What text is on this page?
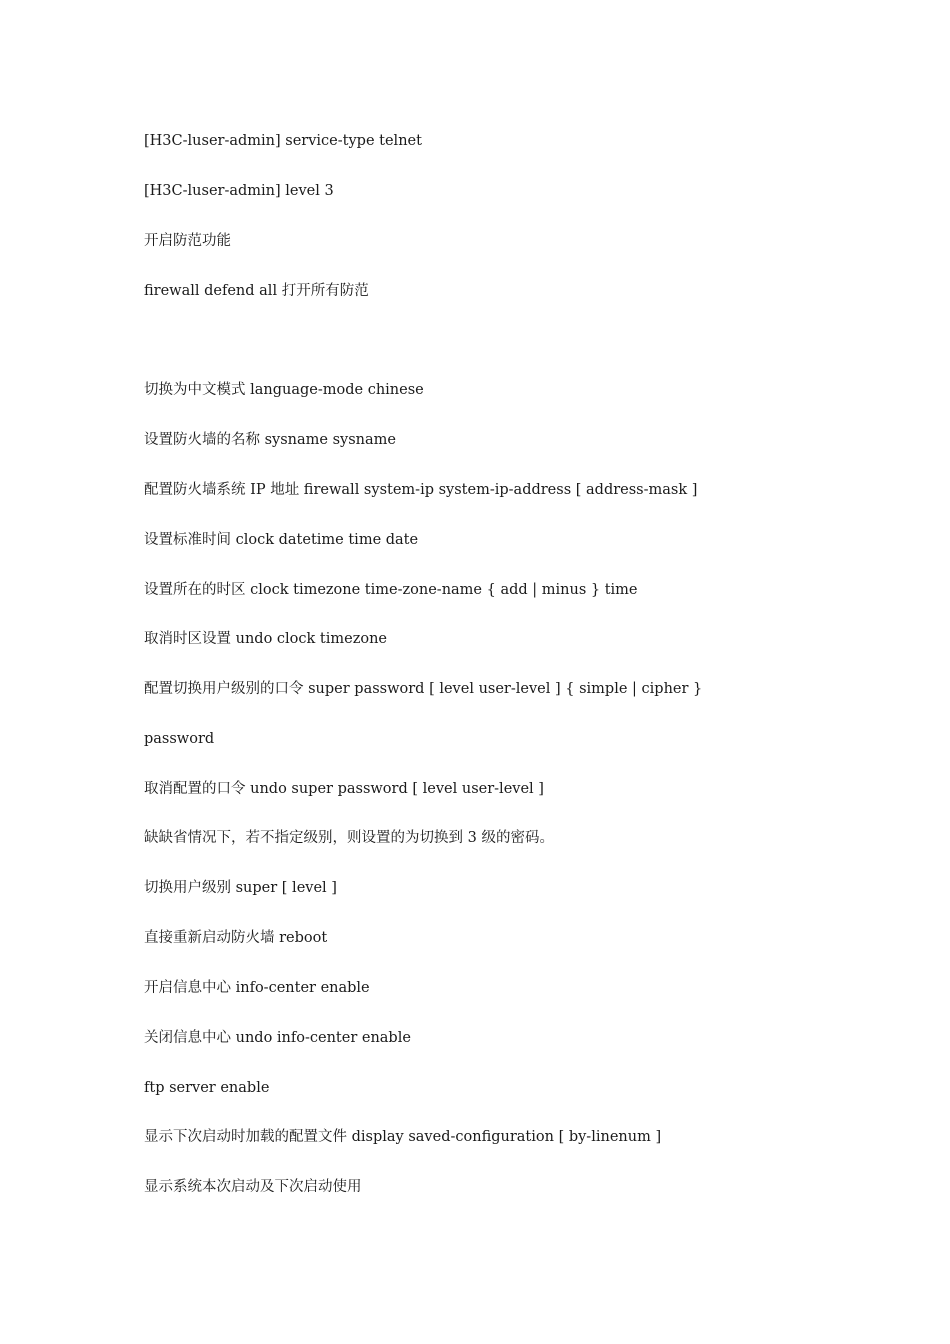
[H3C-luser-admin] service-type telnet
[H3C-luser-admin] level 3
开启防范功能
firewall defend all 打开所有防范
切换为中文模式 language-mode chinese
设置防火墙的名称 sysname sysname
配置防火墙系统 IP 地址 firewall system-ip system-ip-address [ address-mask ]
设置标准时间 clock datetime time date
设置所在的时区 clock timezone time-zone-name { add | minus } time
取消时区设置 undo clock timezone
配置切换用户级别的口令 super password [ level user-level ] { simple | cipher }
password
取消配置的口令 undo super password [ level user-level ]
缺缺省情况下，若不指定级别，则设置的为切换到 3 级的密码。
切换用户级别 super [ level ]
直接重新启动防火墙 reboot
开启信息中心 info-center enable
关闭信息中心 undo info-center enable
ftp server enable
显示下次启动时加载的配置文件 display saved-configuration [ by-linenum ]
显示系统本次启动及下次启动使用
